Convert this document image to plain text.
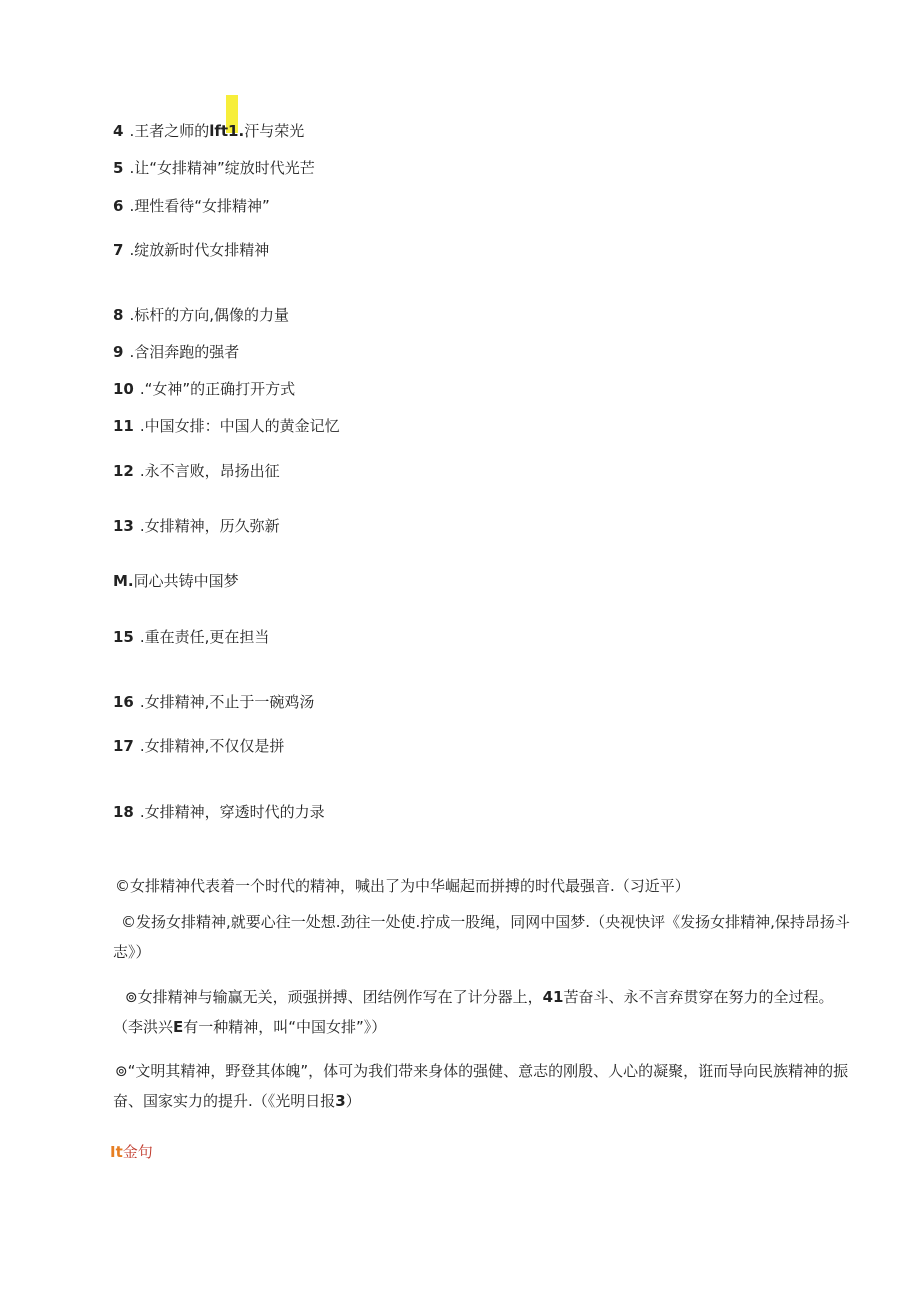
4 .王者之师的
lft1.汗与荣光
5 .让“女排精神”绽放时代光芒
6 .理性看待“女排精神”
7 .绽放新时代女排精神
8 .标杆的方向,偶像的力量
9 .含泪奔跑的强者
10 .“女神”的正确打开方式
11 .中国女排：中国人的黄金记忆
12 .永不言败，昂扬出征
13 .女排精神，历久弥新
M.同心共铸中国梦
15 .重在责任,更在担当
16 .女排精神,不止于一碗鸡汤
17 .女排精神,不仅仅是拼
18 .女排精神，穿透时代的力录

©女排精神代表着一个时代的精神，喊出了为中华崛起而拼搏的时代最强音.（习近平）

©发扬女排精神,就要心往一处想.劲往一处使.拧成一股绳，同网中国梦.（央视快评《发扬女排精神,保持昂扬斗志》）

⊚女排精神与输赢无关，顽强拼搏、团结例作写在了计分器上，41苦奋斗、永不言弃贯穿在努力的全过程。（李洪兴E有一种精神，叫“中国女排”》）

⊚“文明其精神，野登其体魄”，体可为我们带来身体的强健、意志的刚殷、人心的凝聚，诳而导向民族精神的振奋、国家实力的提升.（《光明日报3）

It金句
